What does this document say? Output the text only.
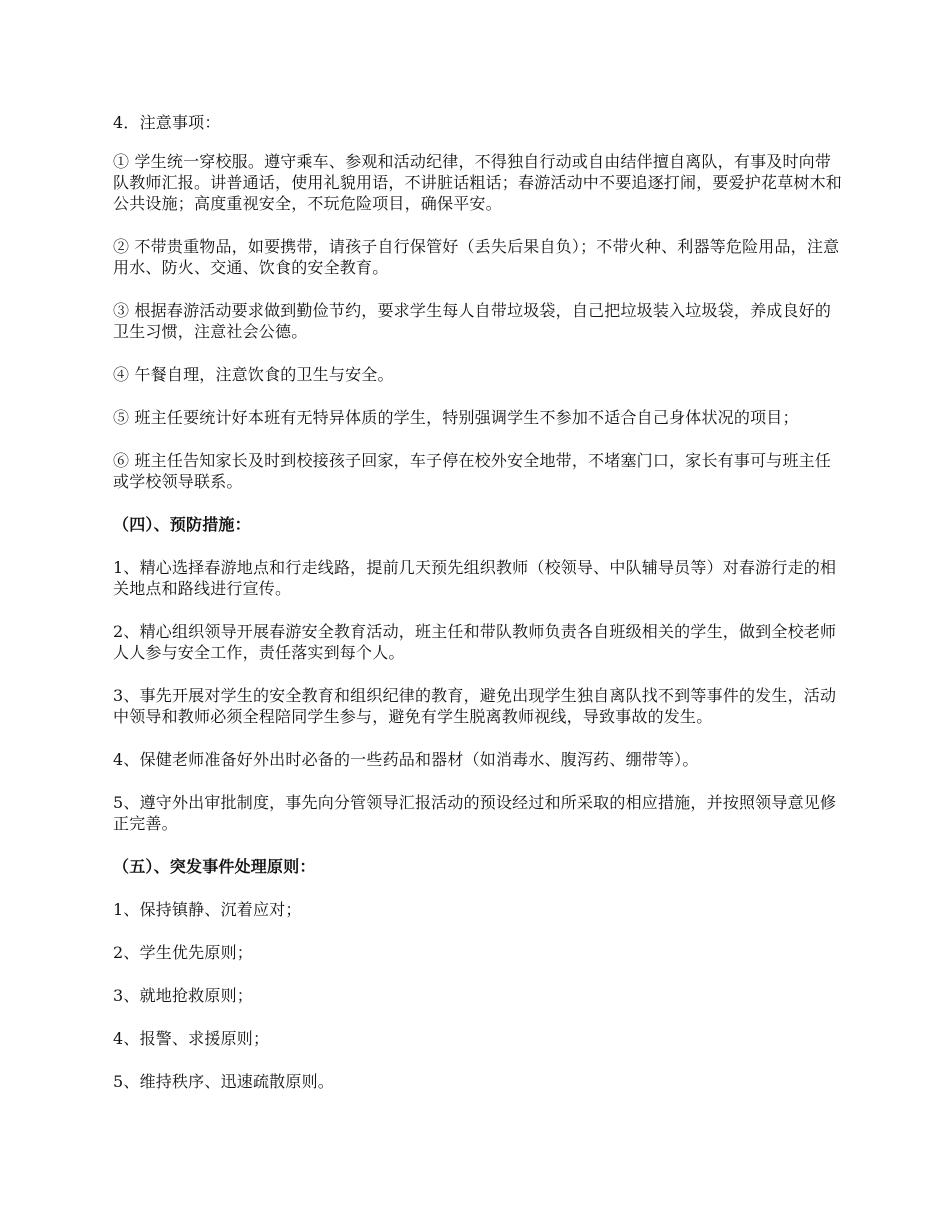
4．注意事项：

① 学生统一穿校服。遵守乘车、参观和活动纪律，不得独自行动或自由结伴擅自离队，有事及时向带队教师汇报。讲普通话，使用礼貌用语，不讲脏话粗话；春游活动中不要追逐打闹，要爱护花草树木和公共设施；高度重视安全，不玩危险项目，确保平安。

② 不带贵重物品，如要携带，请孩子自行保管好（丢失后果自负）；不带火种、利器等危险用品，注意用水、防火、交通、饮食的安全教育。

③ 根据春游活动要求做到勤俭节约，要求学生每人自带垃圾袋，自己把垃圾装入垃圾袋，养成良好的卫生习惯，注意社会公德。

④ 午餐自理，注意饮食的卫生与安全。

⑤ 班主任要统计好本班有无特异体质的学生，特别强调学生不参加不适合自己身体状况的项目；

⑥ 班主任告知家长及时到校接孩子回家，车子停在校外安全地带，不堵塞门口，家长有事可与班主任或学校领导联系。

（四）、预防措施：

1、精心选择春游地点和行走线路，提前几天预先组织教师（校领导、中队辅导员等）对春游行走的相关地点和路线进行宣传。

2、精心组织领导开展春游安全教育活动，班主任和带队教师负责各自班级相关的学生，做到全校老师人人参与安全工作，责任落实到每个人。

3、事先开展对学生的安全教育和组织纪律的教育，避免出现学生独自离队找不到等事件的发生，活动中领导和教师必须全程陪同学生参与，避免有学生脱离教师视线，导致事故的发生。

4、保健老师准备好外出时必备的一些药品和器材（如消毒水、腹泻药、绷带等）。

5、遵守外出审批制度，事先向分管领导汇报活动的预设经过和所采取的相应措施，并按照领导意见修正完善。

（五）、突发事件处理原则：

1、保持镇静、沉着应对；

2、学生优先原则；

3、就地抢救原则；

4、报警、求援原则；

5、维持秩序、迅速疏散原则。
